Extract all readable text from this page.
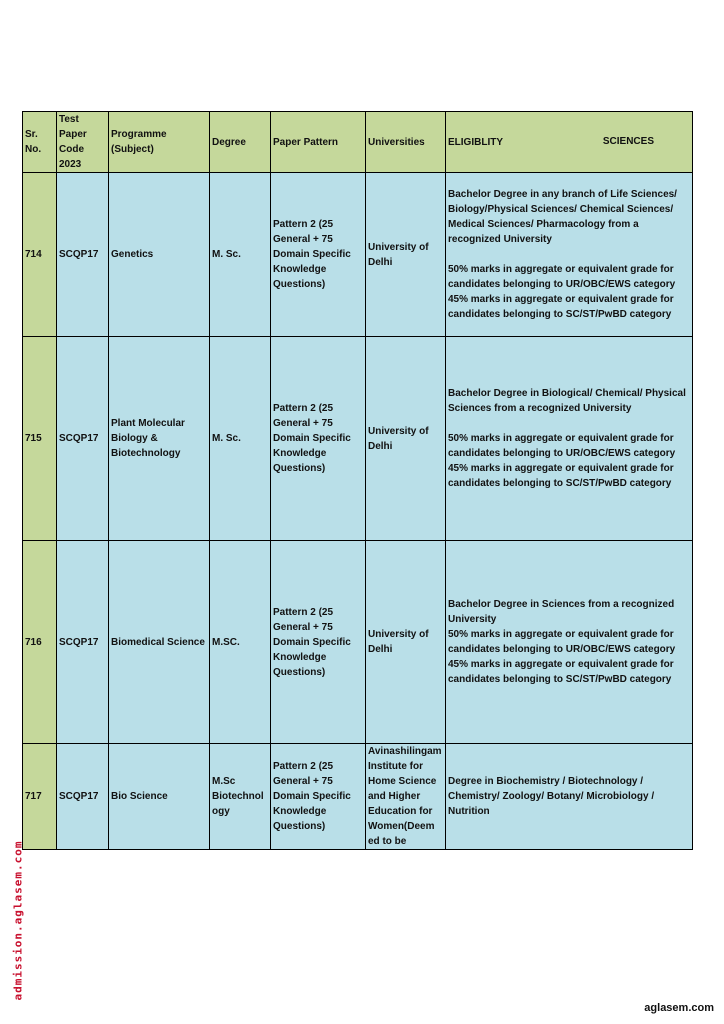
Sr. No.	Test Paper Code 2023	Programme (Subject)	Degree	Paper Pattern	Universities	ELIGIBLITY SCIENCES

714	SCQP17	Genetics	M. Sc.	Pattern 2 (25 General + 75 Domain Specific Knowledge Questions)	University of Delhi	Bachelor Degree in any branch of Life Sciences/ Biology/Physical Sciences/ Chemical Sciences/ Medical Sciences/ Pharmacology from a recognized University
50% marks in aggregate or equivalent grade for candidates belonging to UR/OBC/EWS category
45% marks in aggregate or equivalent grade for candidates belonging to SC/ST/PwBD category

715	SCQP17	Plant Molecular Biology & Biotechnology	M. Sc.	Pattern 2 (25 General + 75 Domain Specific Knowledge Questions)	University of Delhi	Bachelor Degree in Biological/ Chemical/ Physical Sciences from a recognized University
50% marks in aggregate or equivalent grade for candidates belonging to UR/OBC/EWS category
45% marks in aggregate or equivalent grade for candidates belonging to SC/ST/PwBD category

716	SCQP17	Biomedical Science	M.SC.	Pattern 2 (25 General + 75 Domain Specific Knowledge Questions)	University of Delhi	Bachelor Degree in Sciences from a recognized University
50% marks in aggregate or equivalent grade for candidates belonging to UR/OBC/EWS category
45% marks in aggregate or equivalent grade for candidates belonging to SC/ST/PwBD category

717	SCQP17	Bio Science	M.Sc Biotechnol ogy	Pattern 2 (25 General + 75 Domain Specific Knowledge Questions)	Avinashilingam Institute for Home Science and Higher Education for Women(Deem ed to be	Degree in Biochemistry / Biotechnology / Chemistry/ Zoology/ Botany/ Microbiology / Nutrition
admission.aglasem.com
aglasem.com
